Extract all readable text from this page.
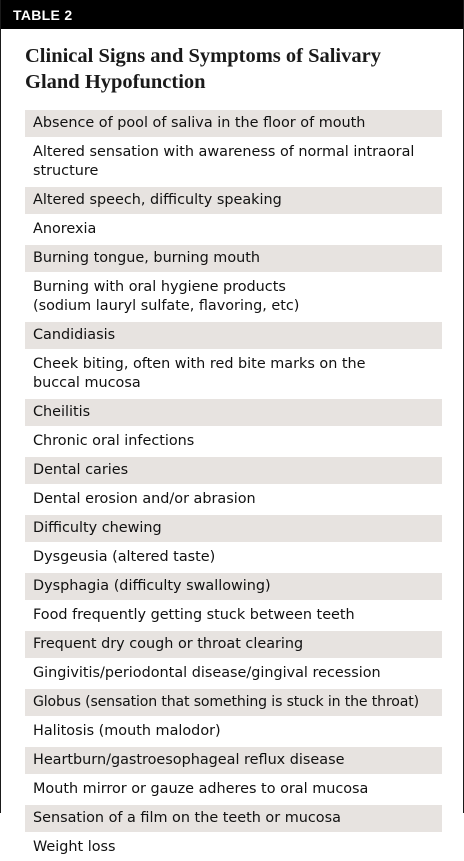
TABLE 2
Clinical Signs and Symptoms of Salivary Gland Hypofunction
Absence of pool of saliva in the floor of mouth
Altered sensation with awareness of normal intraoral structure
Altered speech, difficulty speaking
Anorexia
Burning tongue, burning mouth
Burning with oral hygiene products
(sodium lauryl sulfate, flavoring, etc)
Candidiasis
Cheek biting, often with red bite marks on the buccal mucosa
Cheilitis
Chronic oral infections
Dental caries
Dental erosion and/or abrasion
Difficulty chewing
Dysgeusia (altered taste)
Dysphagia (difficulty swallowing)
Food frequently getting stuck between teeth
Frequent dry cough or throat clearing
Gingivitis/periodontal disease/gingival recession
Globus (sensation that something is stuck in the throat)
Halitosis (mouth malodor)
Heartburn/gastroesophageal reflux disease
Mouth mirror or gauze adheres to oral mucosa
Sensation of a film on the teeth or mucosa
Weight loss
